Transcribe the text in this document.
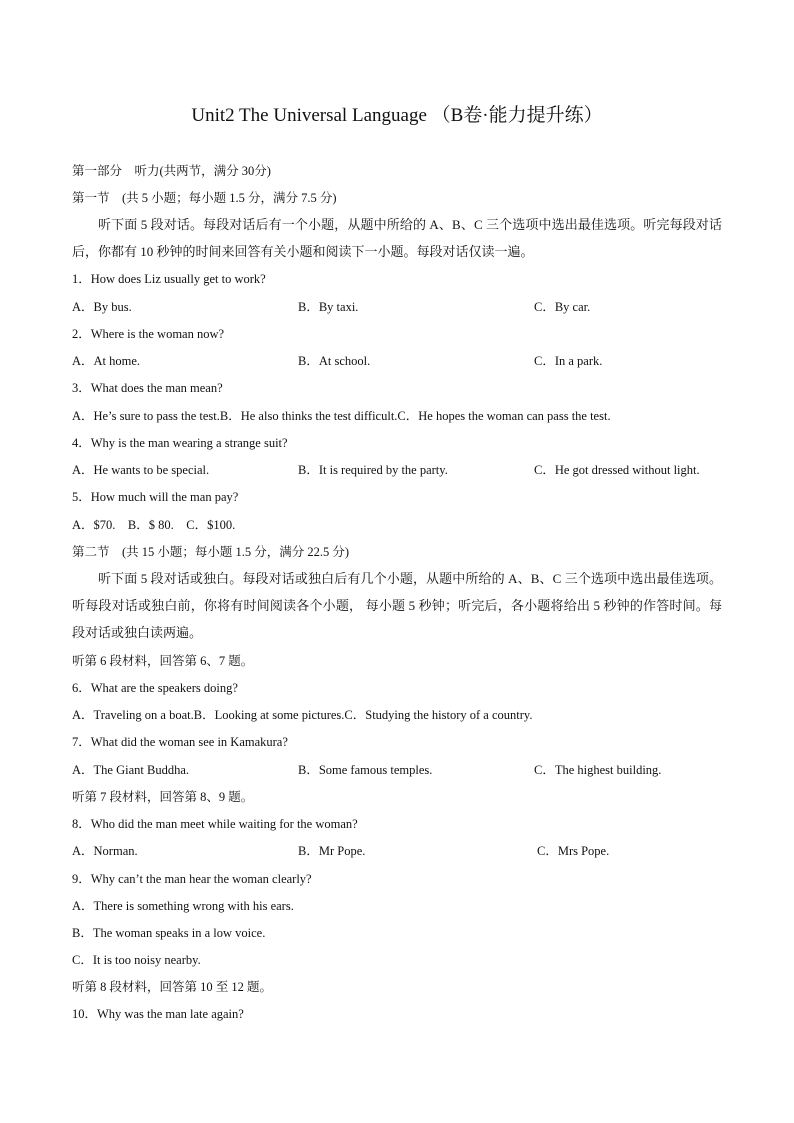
Unit2 The Universal Language （B卷·能力提升练）
第一部分　听力(共两节，满分 30分)
第一节　(共 5 小题；每小题 1.5 分，满分 7.5 分)
听下面 5 段对话。每段对话后有一个小题，从题中所给的 A、B、C 三个选项中选出最佳选项。听完每段对话后，你都有 10 秒钟的时间来回答有关小题和阅读下一小题。每段对话仅读一遍。
1．How does Liz usually get to work?
A．By bus.	B．By taxi.	C．By car.
2．Where is the woman now?
A．At home.	B．At school.	C．In a park.
3．What does the man mean?
A．He’s sure to pass the test.B．He also thinks the test difficult.C．He hopes the woman can pass the test.
4．Why is the man wearing a strange suit?
A．He wants to be special.	B．It is required by the party.	C．He got dressed without light.
5．How much will the man pay?
A．$70.　B．$ 80.　C．$100.
第二节　(共 15 小题；每小题 1.5 分，满分 22.5 分)
听下面 5 段对话或独白。每段对话或独白后有几个小题，从题中所给的 A、B、C 三个选项中选出最佳选项。听每段对话或独白前，你将有时间阅读各个小题， 每小题 5 秒钟；听完后，各小题将给出 5 秒钟的作答时间。每段对话或独白读两遍。
听第 6 段材料，回答第 6、7 题。
6．What are the speakers doing?
A．Traveling on a boat.B．Looking at some pictures.C．Studying the history of a country.
7．What did the woman see in Kamakura?
A．The Giant Buddha.	B．Some famous temples.	C．The highest building.
听第 7 段材料，回答第 8、9 题。
8．Who did the man meet while waiting for the woman?
A．Norman.	B．Mr Pope.	C．Mrs Pope.
9．Why can’t the man hear the woman clearly?
A．There is something wrong with his ears.
B．The woman speaks in a low voice.
C．It is too noisy nearby.
听第 8 段材料，回答第 10 至 12 题。
10．Why was the man late again?
